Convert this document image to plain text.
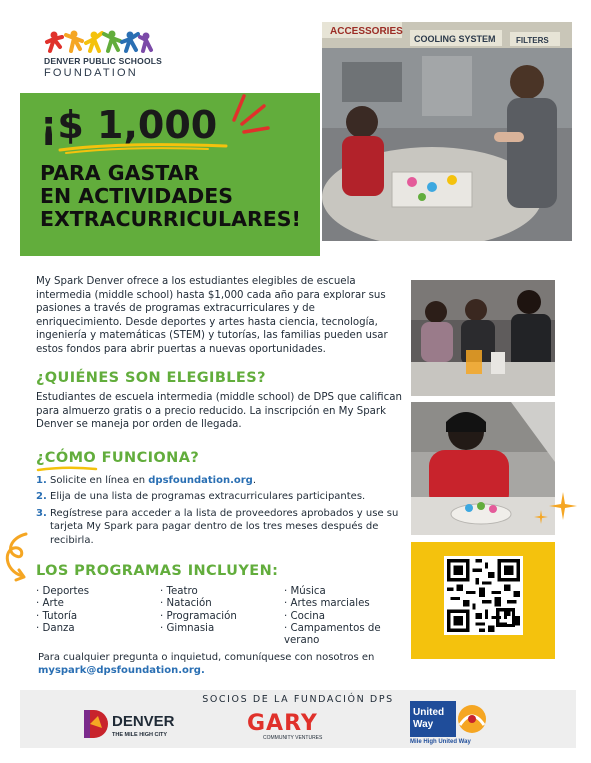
DENVER PUBLIC SCHOOLS
FOUNDATION
¡$ 1,000
PARA GASTAR
EN ACTIVIDADES
EXTRACURRICULARES!
ACCESSORIES
COOLING SYSTEM	FILTERS
My Spark Denver ofrece a los estudiantes elegibles de escuela intermedia (middle school) hasta $1,000 cada año para explorar sus pasiones a través de programas extracurriculares y de enriquecimiento. Desde deportes y artes hasta ciencia, tecnología, ingeniería y matemáticas (STEM) y tutorías, las familias pueden usar estos fondos para abrir puertas a nuevas oportunidades.
¿QUIÉNES SON ELEGIBLES?
Estudiantes de escuela intermedia (middle school) de DPS que califican para almuerzo gratis o a precio reducido. La inscripción en My Spark Denver se maneja por orden de llegada.
¿CÓMO FUNCIONA?
1. Solicite en línea en dpsfoundation.org.
2. Elija de una lista de programas extracurriculares participantes.
3. Regístrese para acceder a la lista de proveedores aprobados y use su tarjeta My Spark para pagar dentro de los tres meses después de recibirla.
LOS PROGRAMAS INCLUYEN:
· Deportes
· Arte
· Tutoría
· Danza
· Teatro
· Natación
· Programación
· Gimnasia
· Música
· Artes marciales
· Cocina
· Campamentos de verano
Para cualquier pregunta o inquietud, comuníquese con nosotros en
myspark@dpsfoundation.org.
SOCIOS DE LA FUNDACIÓN DPS
DENVER
THE MILE HIGH CITY	GARY
COMMUNITY VENTURES
United
Way
Mile High United Way
